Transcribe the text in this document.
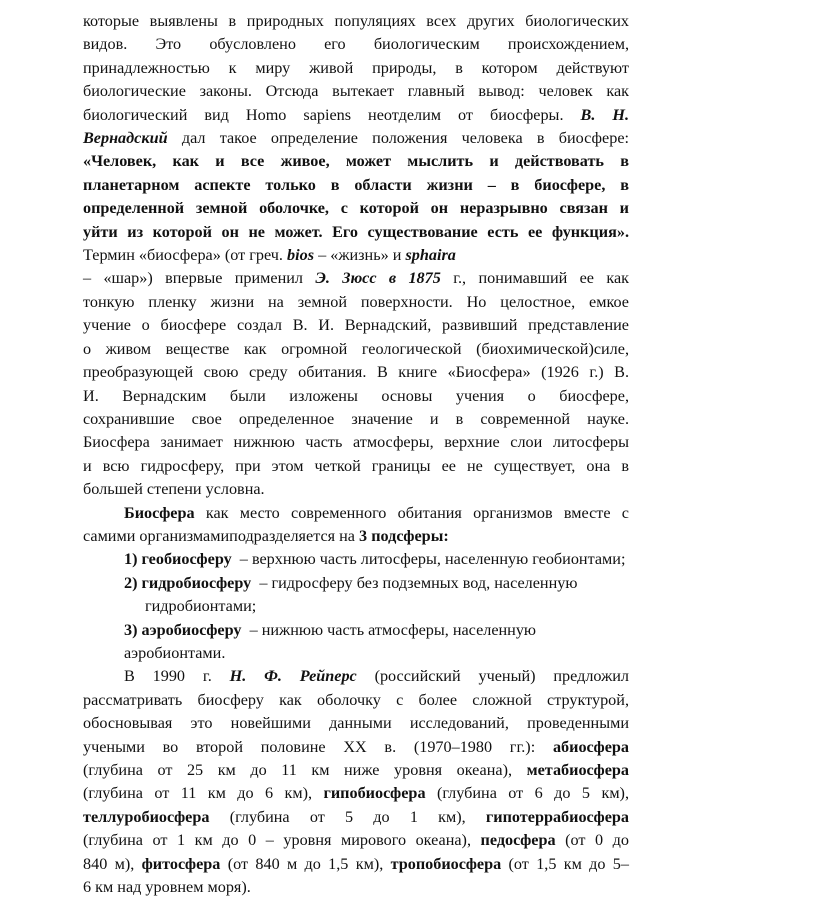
которые выявлены в природных популяциях всех других биологических

видов. Это обусловлено его биологическим происхождением,

принадлежностью к миру живой природы, в котором действуют

биологические законы. Отсюда вытекает главный вывод: человек как

биологический вид Homo sapiens неотделим от биосферы. В. Н.

Вернадский дал такое определение положения человека в биосфере:

«Человек, как и все живое, может мыслить и действовать в

планетарном аспекте только в области жизни – в биосфере, в

определенной земной оболочке, с которой он неразрывно связан и

уйти из которой он не может. Его существование есть ее функция».

Термин «биосфера» (от греч. bios – «жизнь» и sphaira

– «шар») впервые применил Э. Зюсс в 1875 г., понимавший ее как

тонкую пленку жизни на земной поверхности. Но целостное, емкое

учение о биосфере создал В. И. Вернадский, развивший представление

о живом веществе как огромной геологической (биохимической)силе,

преобразующей свою среду обитания. В книге «Биосфера» (1926 г.) В.

И. Вернадским были изложены основы учения о биосфере,

сохранившие свое определенное значение и в современной науке.

Биосфера занимает нижнюю часть атмосферы, верхние слои литосферы

и всю гидросферу, при этом четкой границы ее не существует, она в

большей степени условна.

Биосфера как место современного обитания организмов вместе с

самими организмамиподразделяется на 3 подсферы:

1) геобиосферу – верхнюю часть литосферы, населенную геобионтами;

2) гидробиосферу – гидросферу без подземных вод, населенную

гидробионтами;

3) аэробиосферу – нижнюю часть атмосферы, населенную аэробионтами.

В 1990 г. Н. Ф. Рейперс (российский ученый) предложил

рассматривать биосферу как оболочку с более сложной структурой,

обосновывая это новейшими данными исследований, проведенными

учеными во второй половине XX в. (1970–1980 гг.): абиосфера

(глубина от 25 км до 11 км ниже уровня океана), метабиосфера

(глубина от 11 км до 6 км), гипобиосфера (глубина от 6 до 5 км),

теллуробиосфера (глубина от 5 до 1 км), гипотеррабиосфера

(глубина от 1 км до 0 – уровня мирового океана), педосфера (от 0 до

840 м), фитосфера (от 840 м до 1,5 км), тропобиосфера (от 1,5 км до 5–

6 км над уровнем моря).
